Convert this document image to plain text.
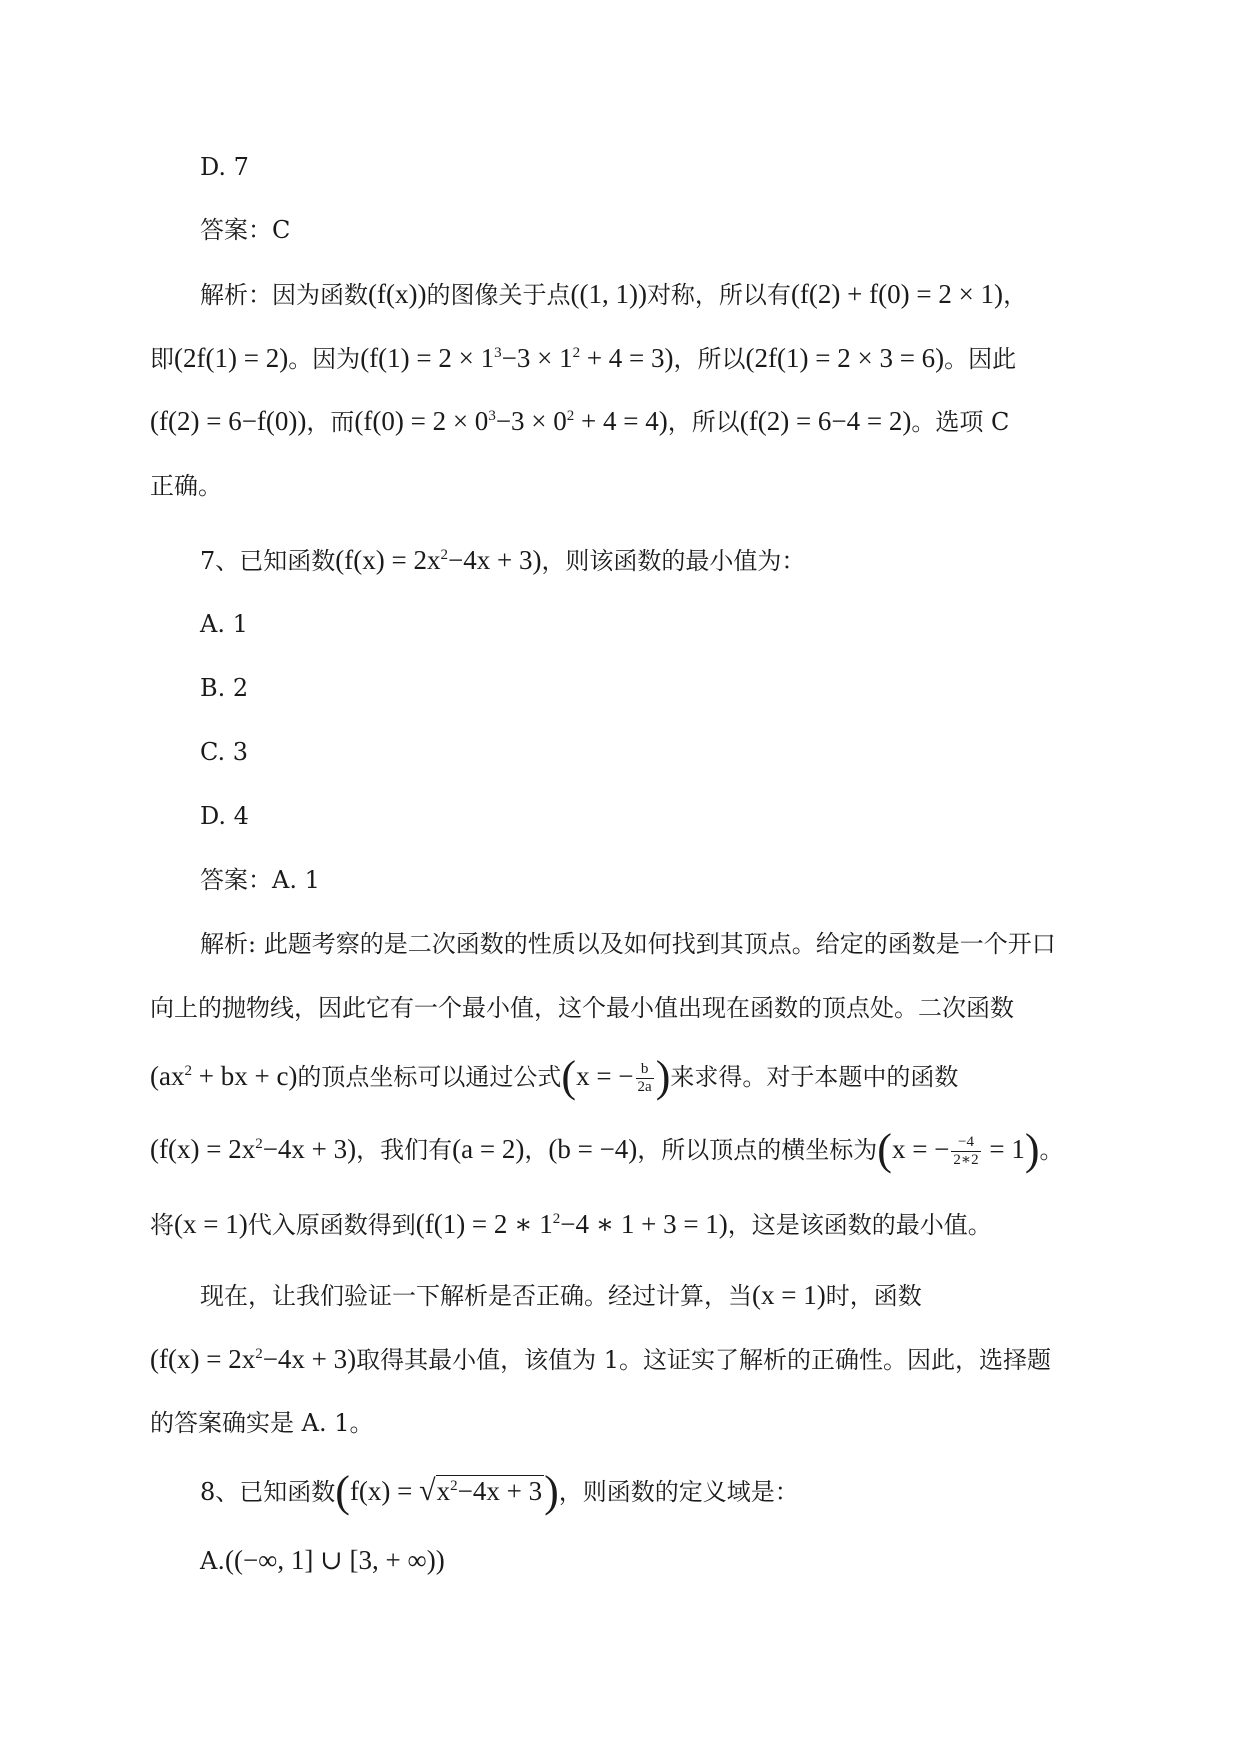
D. 7
答案：C
解析：因为函数(f(x))的图像关于点((1, 1))对称，所以有(f(2) + f(0) = 2 × 1)，
即(2f(1) = 2)。因为$(f(1) = 2 \times 1^3-3 \times 1^2 + 4 = 3)$，所以(2f(1) = 2 × 3 = 6)。因此
(f(2) = 6−f(0))，而$(f(0) = 2 \times 0^3-3 \times 0^2 + 4 = 4)$，所以(f(2) = 6−4 = 2)。选项 C
正确。
7、已知函数$(f(x) = 2x^2-4x + 3)$，则该函数的最小值为：
A. 1
B. 2
C. 3
D. 4
答案：A. 1
解析: 此题考察的是二次函数的性质以及如何找到其顶点。给定的函数是一个开口
向上的抛物线，因此它有一个最小值，这个最小值出现在函数的顶点处。二次函数
($ax^2$ + bx + c)的顶点坐标可以通过公式(x = − $\frac{b}{2a}$ )来求得。对于本题中的函数
$(f(x) = 2x^2-4x + 3)$，我们有(a = 2)，(b = −4)，所以顶点的横坐标为(x = − $\frac{-4}{2∗2} = 1$)。
将(x = 1)代入原函数得到(f(1) = 2 ∗ $1^2-4$ ∗ 1 + 3 = 1)，这是该函数的最小值。
现在，让我们验证一下解析是否正确。经过计算，当(x = 1)时，函数
$(f(x) = 2x^2-4x + 3)$取得其最小值，该值为 1。这证实了解析的正确性。因此，选择题
的答案确实是 A. 1。
8、已知函数$(f(x) = √x^2-4x + 3)$，则函数的定义域是：
A.((−∞, 1] ∪ [3, + ∞))
